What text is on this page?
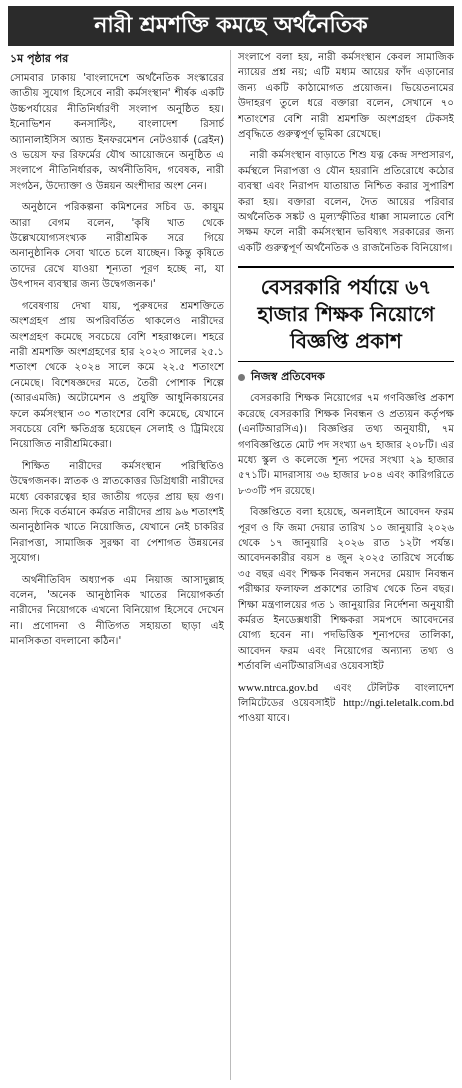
নারী শ্রমশক্তি কমছে অর্থনৈতিক
১ম পৃষ্ঠার পর

সোমবার ঢাকায় 'বাংলাদেশে অর্থনৈতিক সংস্কারের জাতীয় সুযোগ হিসেবে নারী কর্মসংস্থান' শীর্ষক একটি উচ্চপর্যায়ের নীতিনির্ধারণী সংলাপ অনুষ্ঠিত হয়। ইনোভিশন কনসাল্টিং, বাংলাদেশ রিসার্চ অ্যানালাইসিস অ্যান্ড ইনফরমেশন নেটওয়ার্ক (ব্রেইন) ও ভয়েস ফর রিফর্মের যৌথ আয়োজনে অনুষ্ঠিত এ সংলাপে নীতিনির্ধারক, অর্থনীতিবিদ, গবেষক, নারী সংগঠন, উদ্যোক্তা ও উন্নয়ন অংশীদার অংশ নেন।

অনুষ্ঠানে পরিকল্পনা কমিশনের সচিব ড. কায়ুম আরা বেগম বলেন, 'কৃষি খাত থেকে উল্লেখযোগ্যসংখ্যক নারীশ্রমিক সরে গিয়ে অনানুষ্ঠানিক সেবা খাতে চলে যাচ্ছেন। কিন্তু কৃষিতে তাদের রেখে যাওয়া শূন্যতা পূরণ হচ্ছে না, যা উৎপাদন ব্যবস্থার জন্য উদ্বেগজনক।'

গবেষণায় দেখা যায়, পুরুষদের শ্রমশক্তিতে অংশগ্রহণ প্রায় অপরিবর্তিত থাকলেও নারীদের অংশগ্রহণ কমেছে সবচেয়ে বেশি শহরাঞ্চলে। শহরে নারী শ্রমশক্তি অংশগ্রহণের হার ২০২৩ সালের ২৫.১ শতাংশ থেকে ২০২৪ সালে কমে ২২.৫ শতাংশে নেমেছে। বিশেষজ্ঞদের মতে, তৈরী পোশাক শিল্পে (আরএমজি) অটোমেশন ও প্রযুক্তি আধুনিকায়নের ফলে কর্মসংস্থান ৩০ শতাংশের বেশি কমেছে, যেখানে সবচেয়ে বেশি ক্ষতিগ্রস্ত হয়েছেন সেলাই ও ট্রিমিংয়ে নিয়োজিত নারীশ্রমিকেরা।

শিক্ষিত নারীদের কর্মসংস্থান পরিস্থিতিও উদ্বেগজনক। স্নাতক ও স্নাতকোত্তর ডিগ্রিধারী নারীদের মধ্যে বেকারত্বের হার জাতীয় গড়ের প্রায় ছয় গুণ। অন্য দিকে বর্তমানে কর্মরত নারীদের প্রায় ৯৬ শতাংশই অনানুষ্ঠানিক খাতে নিয়োজিত, যেখানে নেই চাকরির নিরাপত্তা, সামাজিক সুরক্ষা বা পেশাগত উন্নয়নের সুযোগ।

অর্থনীতিবিদ অধ্যাপক এম নিয়াজ আসাদুল্লাহ বলেন, 'অনেক আনুষ্ঠানিক খাতের নিয়োগকর্তা নারীদের নিয়োগকে এখনো বিনিয়োগ হিসেবে দেখেন না। প্রণোদনা ও নীতিগত সহায়তা ছাড়া এই মানসিকতা বদলানো কঠিন।'

সংলাপে বলা হয়, নারী কর্মসংস্থান কেবল সামাজিক ন্যায়ের প্রশ্ন নয়; এটি মধ্যম আয়ের ফাঁদ এড়ানোর জন্য একটি কাঠামোগত প্রয়োজন। ভিয়েতনামের উদাহরণ তুলে ধরে বক্তারা বলেন, সেখানে ৭০ শতাংশের বেশি নারী শ্রমশক্তি অংশগ্রহণ টেকসই প্রবৃদ্ধিতে গুরুত্বপূর্ণ ভূমিকা রেখেছে।

নারী কর্মসংস্থান বাড়াতে শিশু যত্ন কেন্দ্র সম্প্রসারণ, কর্মস্থলে নিরাপত্তা ও যৌন হয়রানি প্রতিরোধে কঠোর ব্যবস্থা এবং নিরাপদ যাতায়াত নিশ্চিত করার সুপারিশ করা হয়। বক্তারা বলেন, দৈত আয়ের পরিবার অর্থনৈতিক সঙ্কট ও মূল্যস্ফীতির ধাক্কা সামলাতে বেশি সক্ষম ফলে নারী কর্মসংস্থান ভবিষ্যৎ সরকারের জন্য একটি গুরুত্বপূর্ণ অর্থনৈতিক ও রাজনৈতিক বিনিয়োগ।

বেসরকারি পর্যায়ে ৬৭ হাজার শিক্ষক নিয়োগে বিজ্ঞপ্তি প্রকাশ
নিজস্ব প্রতিবেদক

বেসরকারি শিক্ষক নিয়োগের ৭ম গণবিজ্ঞপ্তি প্রকাশ করেছে বেসরকারি শিক্ষক নিবন্ধন ও প্রত্যয়ন কর্তৃপক্ষ (এনটিআরসিএ)। বিজ্ঞপ্তির তথ্য অনুযায়ী, ৭ম গণবিজ্ঞপ্তিতে মোট পদ সংখ্যা ৬৭ হাজার ২০৮টি। এর মধ্যে স্কুল ও কলেজে শূন্য পদের সংখ্যা ২৯ হাজার ৫৭১টি। মাদরাসায় ৩৬ হাজার ৮০৪ এবং কারিগরিতে ৮৩৩টি পদ রয়েছে।

বিজ্ঞপ্তিতে বলা হয়েছে, অনলাইনে আবেদন ফরম পূরণ ও ফি জমা দেয়ার তারিখ ১০ জানুয়ারি ২০২৬ থেকে ১৭ জানুয়ারি ২০২৬ রাত ১২টা পর্যন্ত। আবেদনকারীর বয়স ৪ জুন ২০২৫ তারিখে সর্বোচ্চ ৩৫ বছর এবং শিক্ষক নিবন্ধন সনদের মেয়াদ নিবন্ধন পরীক্ষার ফলাফল প্রকাশের তারিখ থেকে তিন বছর। শিক্ষা মন্ত্রণালয়ের গত ১ জানুয়ারির নির্দেশনা অনুযায়ী কর্মরত ইনডেক্সধারী শিক্ষকরা সমপদে আবেদনের যোগ্য হবেন না। পদভিত্তিক শূন্যপদের তালিকা, আবেদন ফরম এবং নিয়োগের অন্যান্য তথ্য ও শর্তাবলি এনটিআরসিএর ওয়েবসাইট

www.ntrca.gov.bd এবং টেলিটক বাংলাদেশ লিমিটেডের ওয়েবসাইট http://ngi.teletalk.com.bd পাওয়া যাবে।
